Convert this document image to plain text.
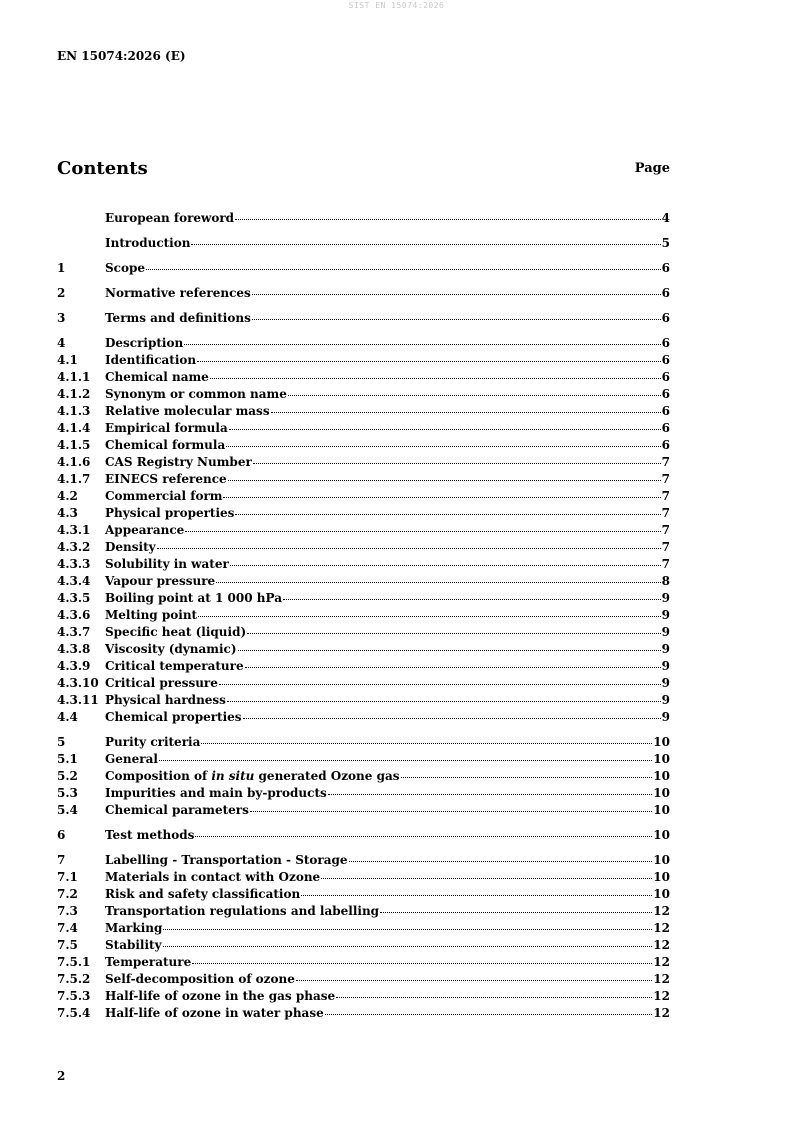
SIST EN 15074:2026
EN 15074:2026 (E)
Contents	Page
European foreword	4
Introduction	5
1	Scope	6
2	Normative references	6
3	Terms and definitions	6
4	Description	6
4.1	Identification	6
4.1.1	Chemical name	6
4.1.2	Synonym or common name	6
4.1.3	Relative molecular mass	6
4.1.4	Empirical formula	6
4.1.5	Chemical formula	6
4.1.6	CAS Registry Number	7
4.1.7	EINECS reference	7
4.2	Commercial form	7
4.3	Physical properties	7
4.3.1	Appearance	7
4.3.2	Density	7
4.3.3	Solubility in water	7
4.3.4	Vapour pressure	8
4.3.5	Boiling point at 1 000 hPa	9
4.3.6	Melting point	9
4.3.7	Specific heat (liquid)	9
4.3.8	Viscosity (dynamic)	9
4.3.9	Critical temperature	9
4.3.10 Critical pressure	9
4.3.11 Physical hardness	9
4.4	Chemical properties	9
5	Purity criteria	10
5.1	General	10
5.2	Composition of in situ generated Ozone gas	10
5.3	Impurities and main by-products	10
5.4	Chemical parameters	10
6	Test methods	10
7	Labelling - Transportation - Storage	10
7.1	Materials in contact with Ozone	10
7.2	Risk and safety classification	10
7.3	Transportation regulations and labelling	12
7.4	Marking	12
7.5	Stability	12
7.5.1	Temperature	12
7.5.2	Self-decomposition of ozone	12
7.5.3	Half-life of ozone in the gas phase	12
7.5.4	Half-life of ozone in water phase	12
2
